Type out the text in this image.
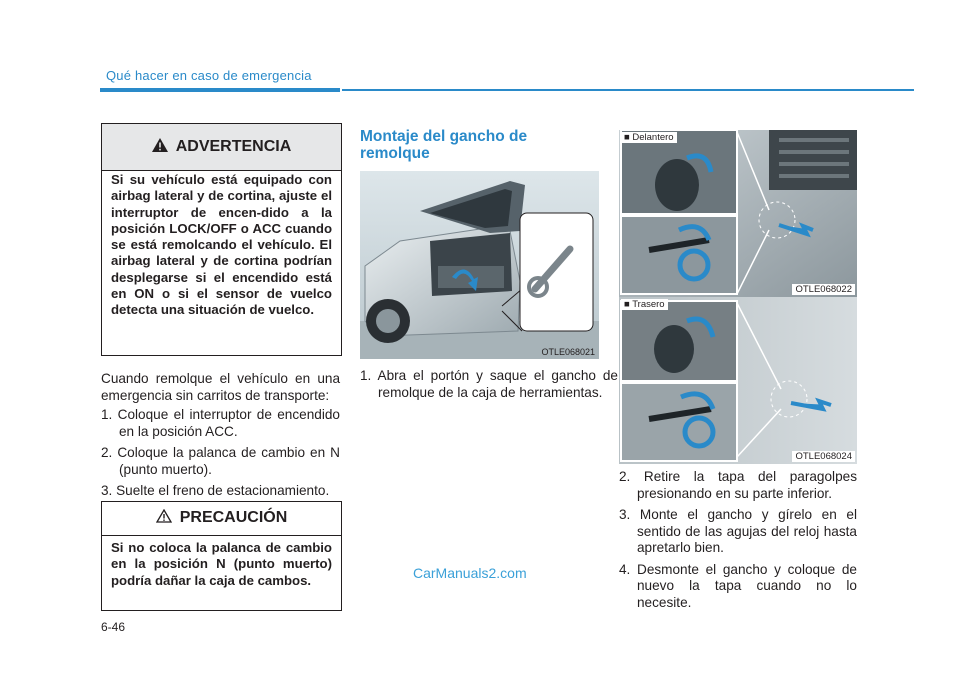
Qué hacer en caso de emergencia
ADVERTENCIA
Si su vehículo está equipado con airbag lateral y de cortina, ajuste el interruptor de encen-dido a la posición LOCK/OFF o ACC cuando se está remolcando el vehículo. El airbag lateral y de cortina podrían desplegarse si el encendido está en ON o si el sensor de vuelco detecta una situación de vuelco.
Cuando remolque el vehículo en una emergencia sin carritos de transporte:
1. Coloque el interruptor de encendido en la posición ACC.
2. Coloque la palanca de cambio en N (punto muerto).
3. Suelte el freno de estacionamiento.
PRECAUCIÓN
Si no coloca la palanca de cambio en la posición N (punto muerto) podría dañar la caja de cambos.
Montaje del gancho de remolque
OTLE068021
1. Abra el portón y saque el gancho de remolque de la caja de herramientas.
■ Delantero
OTLE068022
■ Trasero
OTLE068024
2. Retire la tapa del paragolpes presionando en su parte inferior.
3. Monte el gancho y gírelo en el sentido de las agujas del reloj hasta apretarlo bien.
4. Desmonte el gancho y coloque de nuevo la tapa cuando no lo necesite.
CarManuals2.com
6-46
